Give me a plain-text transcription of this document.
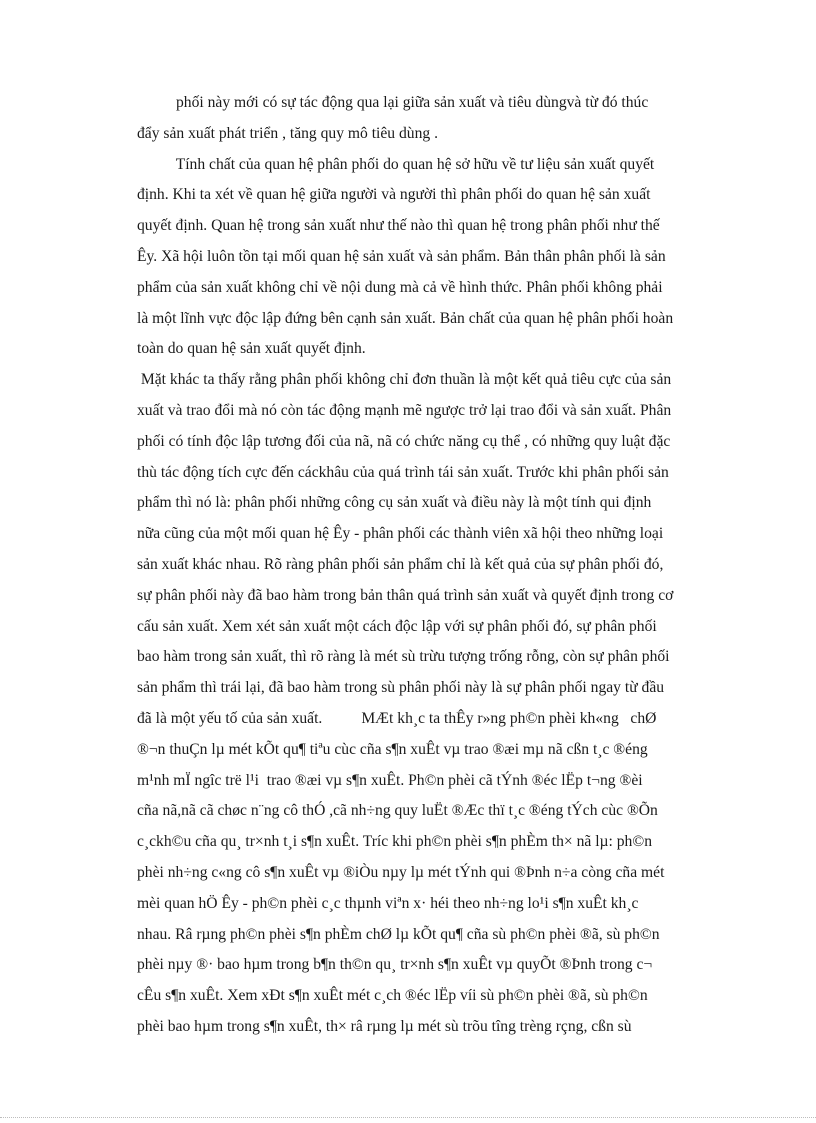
phối này mới có sự tác động qua lại giữa sản xuất và tiêu dùngvà từ đó thúc
đẩy sản xuất phát triển , tăng quy mô tiêu dùng .
Tính chất của quan hệ phân phối do quan hệ sở hữu về tư liệu sản xuất quyết
định. Khi ta xét về quan hệ giữa người và người thì phân phối do quan hệ sản xuất
quyết định. Quan hệ trong sản xuất như thế nào thì quan hệ trong phân phối như thế
Êy. Xã hội luôn tồn tại mối quan hệ sản xuất và sản phẩm. Bản thân phân phối là sản
phẩm của sản xuất không chỉ về nội dung mà cả về hình thức. Phân phối không phải
là một lĩnh vực độc lập đứng bên cạnh sản xuất. Bản chất của quan hệ phân phối hoàn
toàn do quan hệ sản xuất quyết định.
Mặt khác ta thấy rằng phân phối không chỉ đơn thuần là một kết quả tiêu cực của sản
xuất và trao đổi mà nó còn tác động mạnh mẽ ngược trở lại trao đổi và sản xuất. Phân
phối có tính độc lập tương đối của nã, nã có chức năng cụ thể , có những quy luật đặc
thù tác động tích cực đến cáckhâu của quá trình tái sản xuất. Trước khi phân phối sản
phẩm thì nó là: phân phối những công cụ sản xuất và điều này là một tính qui định
nữa cũng của một mối quan hệ Êy - phân phối các thành viên xã hội theo những loại
sản xuất khác nhau. Rõ ràng phân phối sản phẩm chỉ là kết quả của sự phân phối đó,
sự phân phối này đã bao hàm trong bản thân quá trình sản xuất và quyết định trong cơ
cấu sản xuất. Xem xét sản xuất một cách độc lập với sự phân phối đó, sự phân phối
bao hàm trong sản xuất, thì rõ ràng là mét sù trừu tượng trống rỗng, còn sự phân phối
sản phẩm thì trái lại, đã bao hàm trong sù phân phối này là sự phân phối ngay từ đầu
đã là một yếu tố của sản xuất.          MÆt kh¸c ta thÊy r»ng ph©n phèi kh«ng   chØ
®¬n thuÇn lµ mét kÕt qu¶ tiªu cùc cña s¶n xuÊt vµ trao ®æi mµ nã cßn t¸c ®éng
m¹nh mÏ ngîc trë l¹i  trao ®æi vµ s¶n xuÊt. Ph©n phèi cã tÝnh ®éc lËp t¬ng ®èi
cña nã,nã cã chøc n¨ng cô thÓ ,cã nh÷ng quy luËt ®Æc thï t¸c ®éng tÝch cùc ®Õn
c¸ckh©u cña qu¸ tr×nh t¸i s¶n xuÊt. Tríc khi ph©n phèi s¶n phÈm th× nã lµ: ph©n
phèi nh÷ng c«ng cô s¶n xuÊt vµ ®iÒu nµy lµ mét tÝnh qui ®Þnh n÷a còng cña mét
mèi quan hÖ Êy - ph©n phèi c¸c thµnh viªn x· héi theo nh÷ng lo¹i s¶n xuÊt kh¸c
nhau. Râ rµng ph©n phèi s¶n phÈm chØ lµ kÕt qu¶ cña sù ph©n phèi ®ã, sù ph©n
phèi nµy ®· bao hµm trong b¶n th©n qu¸ tr×nh s¶n xuÊt vµ quyÕt ®Þnh trong c¬
cÊu s¶n xuÊt. Xem xÐt s¶n xuÊt mét c¸ch ®éc lËp víi sù ph©n phèi ®ã, sù ph©n
phèi bao hµm trong s¶n xuÊt, th× râ rµng lµ mét sù trõu tîng trèng rçng, cßn sù
